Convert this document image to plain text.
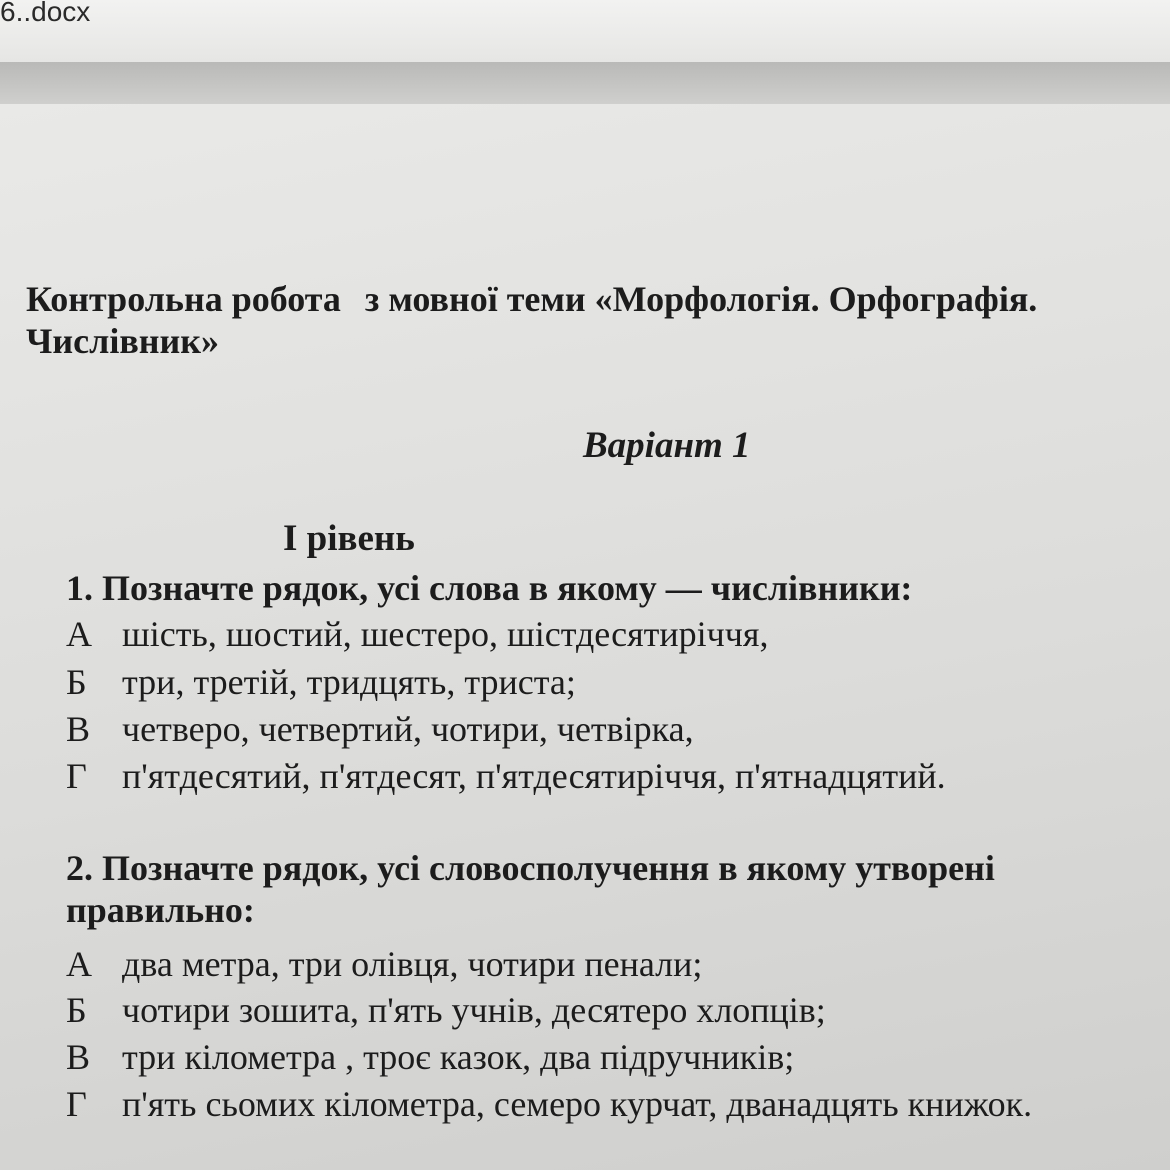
6..docx
Контрольна робота з мовної теми «Морфологія. Орфографія.
Числівник»
Варіант 1
І рівень
1. Позначте рядок, усі слова в якому — числівники:
А шість, шостий, шестеро, шістдесятиріччя,
Б три, третій, тридцять, триста;
В четверо, четвертий, чотири, четвірка,
Г п'ятдесятий, п'ятдесят, п'ятдесятиріччя, п'ятнадцятий.
2. Позначте рядок, усі словосполучення в якому утворені
правильно:
А два метра, три олівця, чотири пенали;
Б чотири зошита, п'ять учнів, десятеро хлопців;
В три кілометра , троє казок, два підручників;
Г п'ять сьомих кілометра, семеро курчат, дванадцять книжок.
